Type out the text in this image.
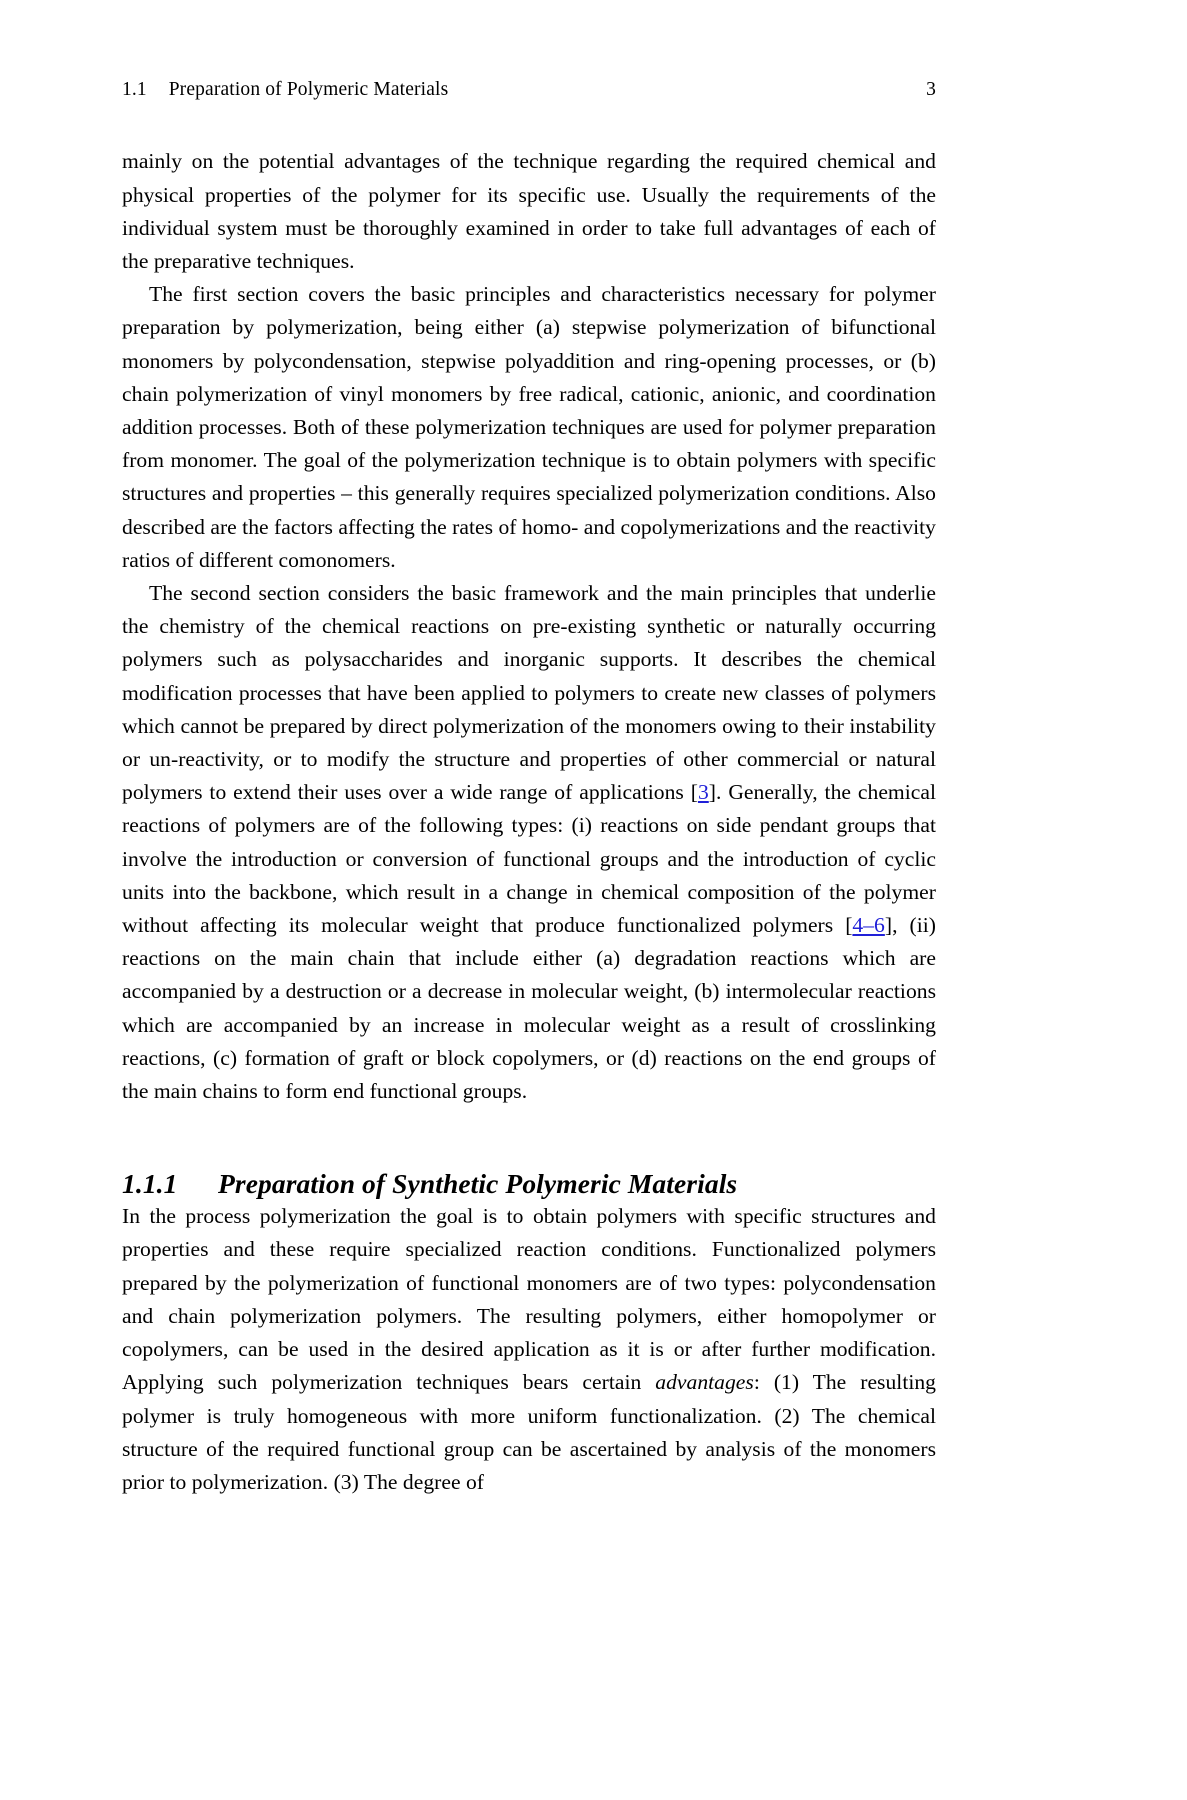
1.1 Preparation of Polymeric Materials	3

mainly on the potential advantages of the technique regarding the required chemical and physical properties of the polymer for its specific use. Usually the requirements of the individual system must be thoroughly examined in order to take full advantages of each of the preparative techniques.

The first section covers the basic principles and characteristics necessary for polymer preparation by polymerization, being either (a) stepwise polymerization of bifunctional monomers by polycondensation, stepwise polyaddition and ring-opening processes, or (b) chain polymerization of vinyl monomers by free radical, cationic, anionic, and coordination addition processes. Both of these polymerization techniques are used for polymer preparation from monomer. The goal of the polymerization technique is to obtain polymers with specific structures and properties – this generally requires specialized polymerization conditions. Also described are the factors affecting the rates of homo- and copolymerizations and the reactivity ratios of different comonomers.

The second section considers the basic framework and the main principles that underlie the chemistry of the chemical reactions on pre-existing synthetic or naturally occurring polymers such as polysaccharides and inorganic supports. It describes the chemical modification processes that have been applied to polymers to create new classes of polymers which cannot be prepared by direct polymerization of the monomers owing to their instability or un-reactivity, or to modify the structure and properties of other commercial or natural polymers to extend their uses over a wide range of applications [3]. Generally, the chemical reactions of polymers are of the following types: (i) reactions on side pendant groups that involve the introduction or conversion of functional groups and the introduction of cyclic units into the backbone, which result in a change in chemical composition of the polymer without affecting its molecular weight that produce functionalized polymers [4–6], (ii) reactions on the main chain that include either (a) degradation reactions which are accompanied by a destruction or a decrease in molecular weight, (b) intermolecular reactions which are accompanied by an increase in molecular weight as a result of crosslinking reactions, (c) formation of graft or block copolymers, or (d) reactions on the end groups of the main chains to form end functional groups.

1.1.1	Preparation of Synthetic Polymeric Materials

In the process polymerization the goal is to obtain polymers with specific structures and properties and these require specialized reaction conditions. Functionalized polymers prepared by the polymerization of functional monomers are of two types: polycondensation and chain polymerization polymers. The resulting polymers, either homopolymer or copolymers, can be used in the desired application as it is or after further modification. Applying such polymerization techniques bears certain advantages: (1) The resulting polymer is truly homogeneous with more uniform functionalization. (2) The chemical structure of the required functional group can be ascertained by analysis of the monomers prior to polymerization. (3) The degree of
